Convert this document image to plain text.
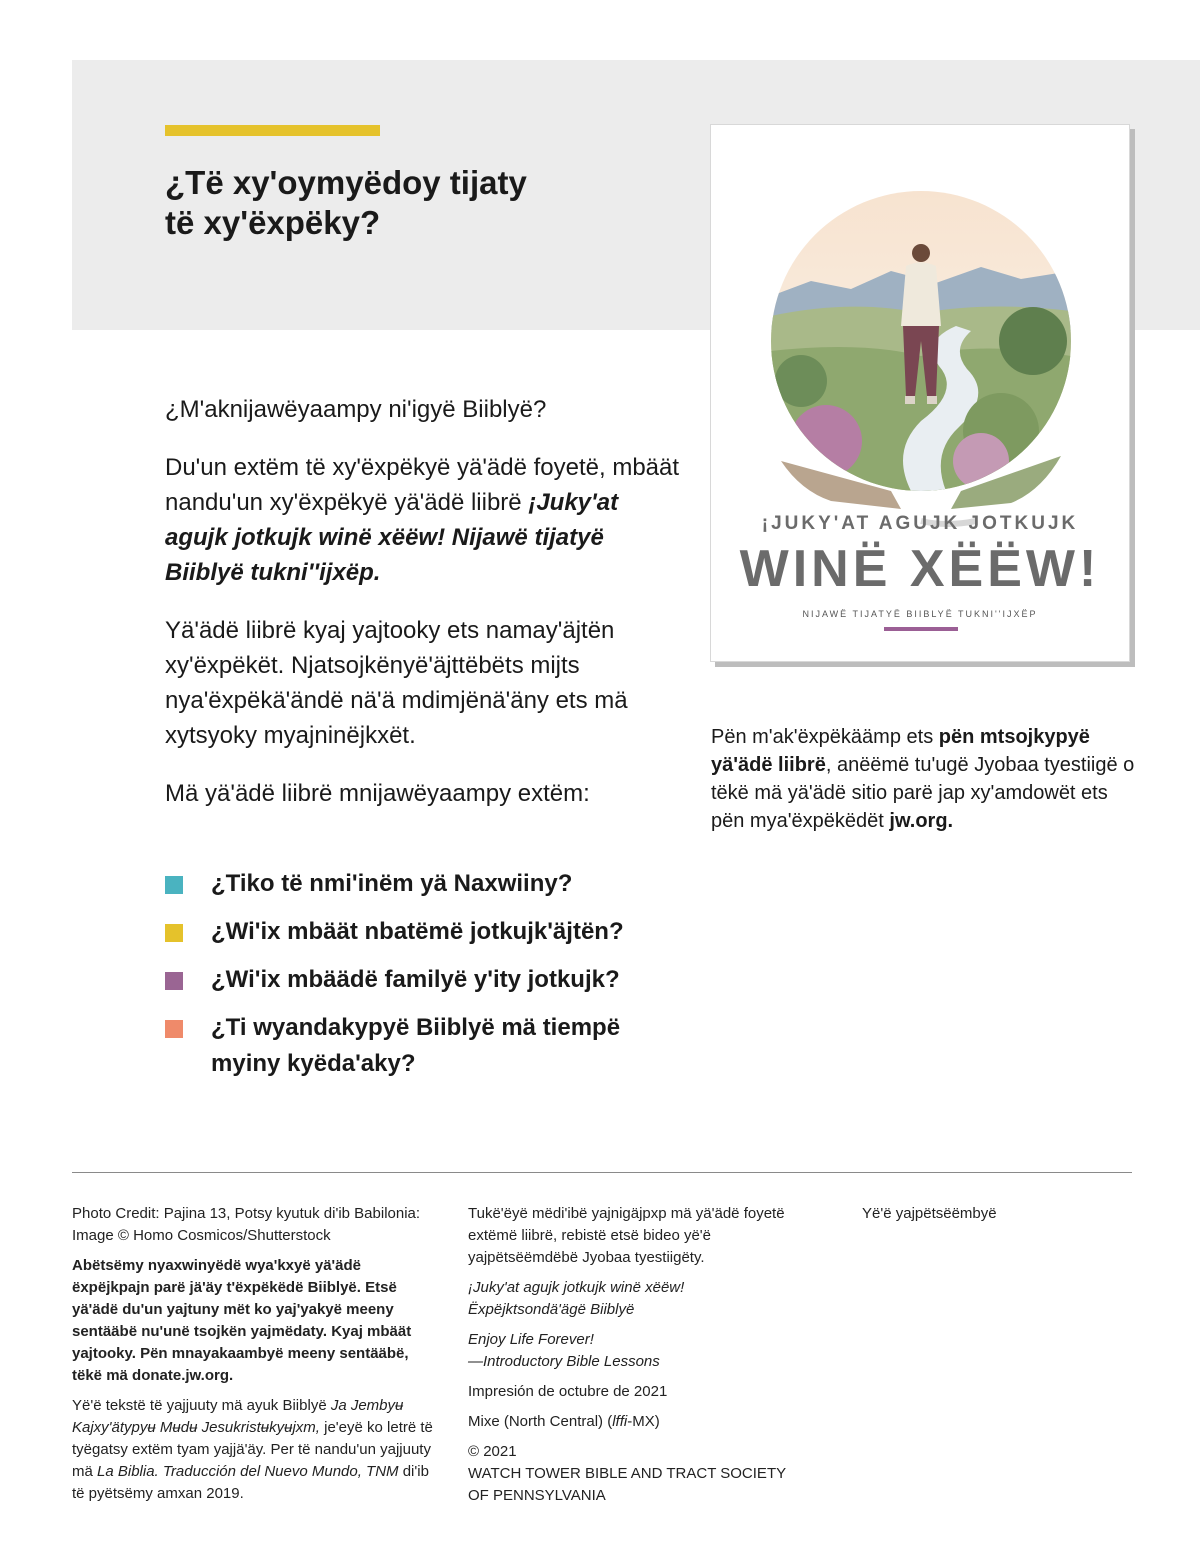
¿Të xy'oymyëdoy tijaty
të xy'ëxpëky?

¿M'aknijawëyaampy ni'igyë Biiblyë?

Du'un extëm të xy'ëxpëkyë yä'ädë foyetë, mbäät nandu'un xy'ëxpëkyë yä'ädë liibrë ¡Juky'at agujk jotkujk winë xëëw! Nijawë tijatyë Biiblyë tukni''ijxëp.

Yä'ädë liibrë kyaj yajtooky ets namay'äjtën xy'ëxpëkët. Njatsojkënyë'äjttëbëts mijts nya'ëxpëkä'ändë nä'ä mdimjënä'äny ets mä xytsyoky myajninëjkxët.

Mä yä'ädë liibrë mnijawëyaampy extëm:

¿Tiko të nmi'inëm yä Naxwiiny?
¿Wi'ix mbäät nbatëmë jotkujk'äjtën?
¿Wi'ix mbäädë familyë y'ity jotkujk?
¿Ti wyandakypyë Biiblyë mä tiempë myiny kyëda'aky?
¡JUKY'AT AGUJK JOTKUJK
WINË XËËW!
NIJAWË TIJATYË BIIBLYË TUKNI''IJXËP

Pën m'ak'ëxpëkäämp ets pën mtsojkypyë yä'ädë liibrë, anëëmë tu'ugë Jyobaa tyestiigë o tëkë mä yä'ädë sitio parë jap xy'amdowët ets pën mya'ëxpëkëdët jw.org.

Photo Credit: Pajina 13, Potsy kyutuk di'ib Babilonia: Image © Homo Cosmicos/Shutterstock

Abëtsëmy nyaxwinyëdë wya'kxyë yä'ädë ëxpëjkpajn parë jä'äy t'ëxpëkëdë Biiblyë. Etsë yä'ädë du'un yajtuny mët ko yaj'yakyë meeny sentääbë nu'unë tsojkën yajmëdaty. Kyaj mbäät yajtooky. Pën mnayakaambyë meeny sentääbë, tëkë mä donate.jw.org.

Yë'ë tekstë të yajjuuty mä ayuk Biiblyë Ja Jembyʉ Kajxy'ätypyʉ Mʉdʉ Jesukristʉkyʉjxm, je'eyë ko letrë të tyëgatsy extëm tyam yajjä'äy. Per të nandu'un yajjuuty mä La Biblia. Traducción del Nuevo Mundo, TNM di'ib të pyëtsëmy amxan 2019.

Tukë'ëyë mëdi'ibë yajnigäjpxp mä yä'ädë foyetë extëmë liibrë, rebistë etsë bideo yë'ë yajpëtsëëmdëbë Jyobaa tyestiigëty.

¡Juky'at agujk jotkujk winë xëëw!
Ëxpëjktsondä'ägë Biiblyë

Enjoy Life Forever!
—Introductory Bible Lessons

Impresión de octubre de 2021

Mixe (North Central) (lffi-MX)

© 2021
WATCH TOWER BIBLE AND TRACT SOCIETY
OF PENNSYLVANIA

Yë'ë yajpëtsëëmbyë
